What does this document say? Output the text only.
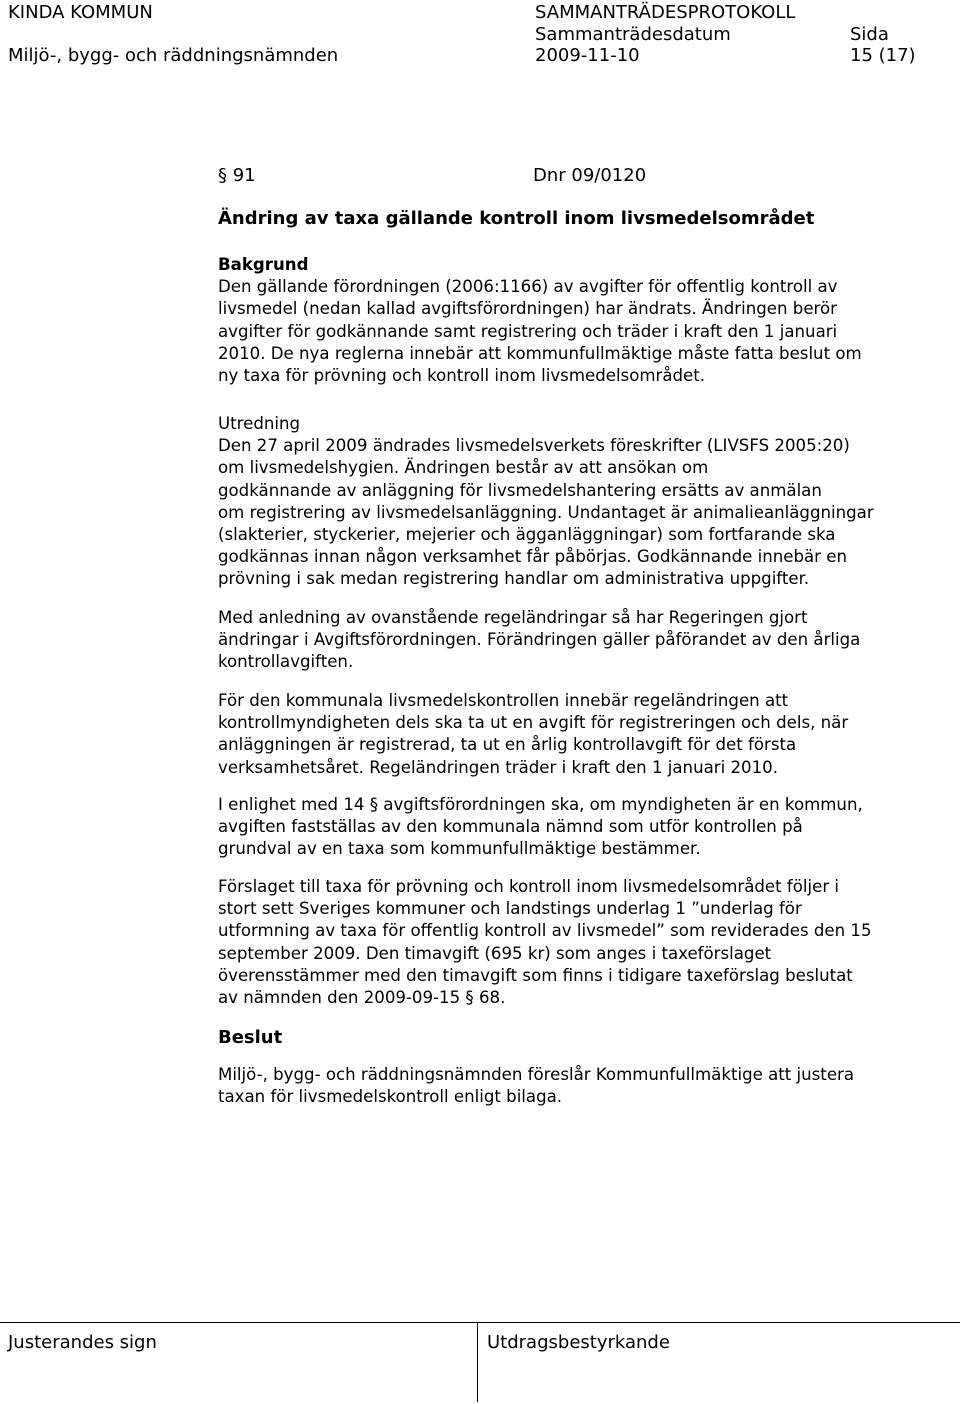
KINDA KOMMUN
Miljö-, bygg- och räddningsnämnden
SAMMANTRÄDESPROTOKOLL
Sammanträdesdatum
2009-11-10
Sida
15 (17)
§ 91	Dnr 09/0120
Ändring av taxa gällande kontroll inom livsmedelsområdet
Bakgrund
Den gällande förordningen (2006:1166) av avgifter för offentlig kontroll av
livsmedel (nedan kallad avgiftsförordningen) har ändrats. Ändringen berör
avgifter för godkännande samt registrering och träder i kraft den 1 januari
2010. De nya reglerna innebär att kommunfullmäktige måste fatta beslut om
ny taxa för prövning och kontroll inom livsmedelsområdet.
Utredning
Den 27 april 2009 ändrades livsmedelsverkets föreskrifter (LIVSFS 2005:20)
om livsmedelshygien. Ändringen består av att ansökan om
godkännande av anläggning för livsmedelshantering ersätts av anmälan
om registrering av livsmedelsanläggning. Undantaget är animalieanläggningar
(slakterier, styckerier, mejerier och ägganläggningar) som fortfarande ska
godkännas innan någon verksamhet får påbörjas. Godkännande innebär en
prövning i sak medan registrering handlar om administrativa uppgifter.
Med anledning av ovanstående regeländringar så har Regeringen gjort
ändringar i Avgiftsförordningen. Förändringen gäller påförandet av den årliga
kontrollavgiften.
För den kommunala livsmedelskontrollen innebär regeländringen att
kontrollmyndigheten dels ska ta ut en avgift för registreringen och dels, när
anläggningen är registrerad, ta ut en årlig kontrollavgift för det första
verksamhetsåret. Regeländringen träder i kraft den 1 januari 2010.
I enlighet med 14 § avgiftsförordningen ska, om myndigheten är en kommun,
avgiften fastställas av den kommunala nämnd som utför kontrollen på
grundval av en taxa som kommunfullmäktige bestämmer.
Förslaget till taxa för prövning och kontroll inom livsmedelsområdet följer i
stort sett Sveriges kommuner och landstings underlag 1 ”underlag för
utformning av taxa för offentlig kontroll av livsmedel” som reviderades den 15
september 2009. Den timavgift (695 kr) som anges i taxeförslaget
överensstämmer med den timavgift som finns i tidigare taxeförslag beslutat
av nämnden den 2009-09-15 § 68.
Beslut
Miljö-, bygg- och räddningsnämnden föreslår Kommunfullmäktige att justera
taxan för livsmedelskontroll enligt bilaga.
Justerandes sign	Utdragsbestyrkande
